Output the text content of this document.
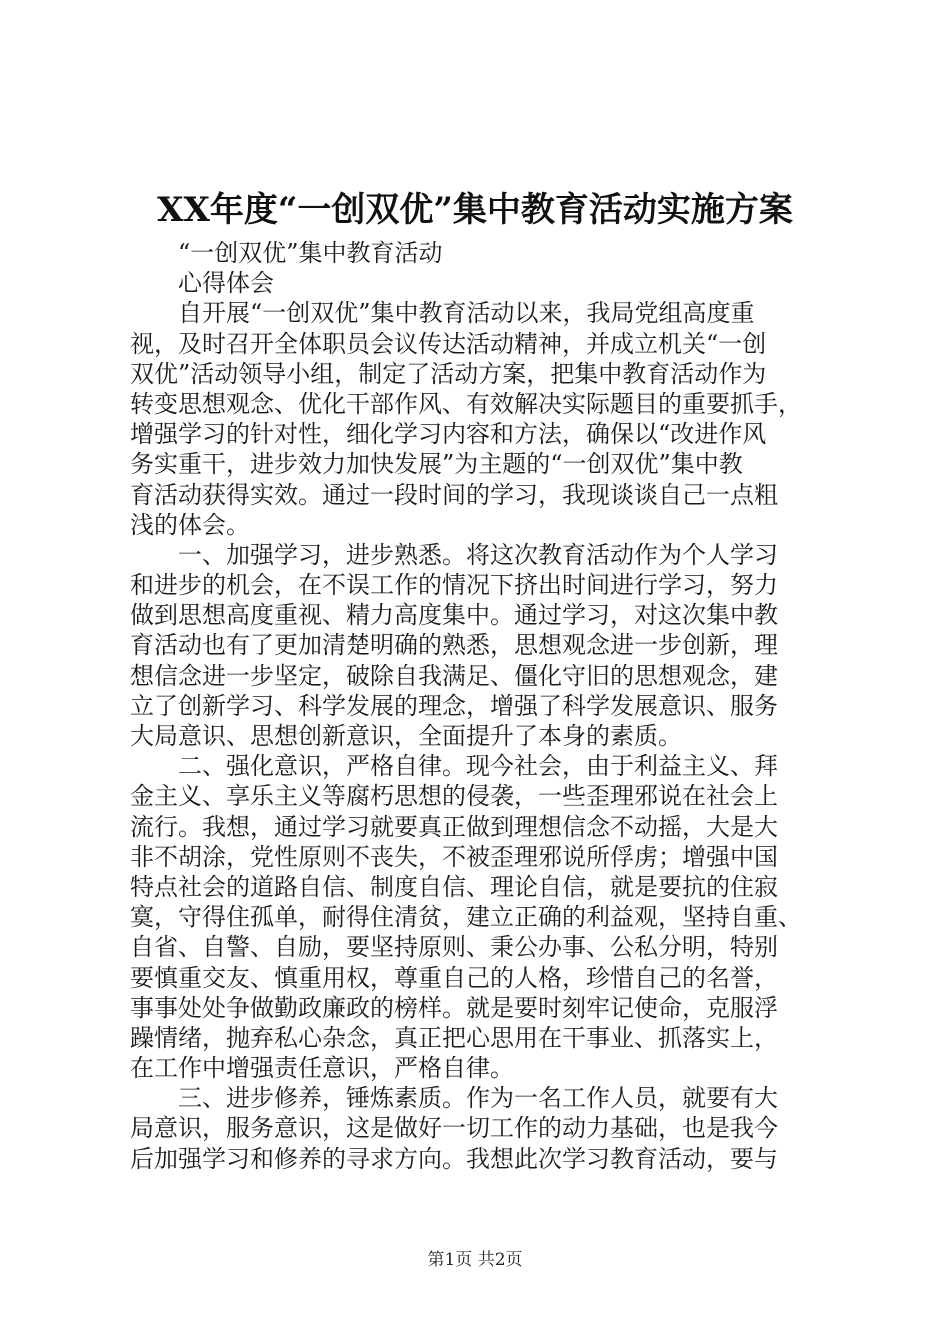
XX年度“一创双优”集中教育活动实施方案

　　“一创双优”集中教育活动

　　心得体会

　　自开展“一创双优”集中教育活动以来，我局党组高度重

视，及时召开全体职员会议传达活动精神，并成立机关“一创

双优”活动领导小组，制定了活动方案，把集中教育活动作为

转变思想观念、优化干部作风、有效解决实际题目的重要抓手，

增强学习的针对性，细化学习内容和方法，确保以“改进作风

务实重干，进步效力加快发展”为主题的“一创双优”集中教

育活动获得实效。通过一段时间的学习，我现谈谈自己一点粗

浅的体会。

　　一、加强学习，进步熟悉。将这次教育活动作为个人学习

和进步的机会，在不误工作的情况下挤出时间进行学习，努力

做到思想高度重视、精力高度集中。通过学习，对这次集中教

育活动也有了更加清楚明确的熟悉，思想观念进一步创新，理

想信念进一步坚定，破除自我满足、僵化守旧的思想观念，建

立了创新学习、科学发展的理念，增强了科学发展意识、服务

大局意识、思想创新意识，全面提升了本身的素质。

　　二、强化意识，严格自律。现今社会，由于利益主义、拜

金主义、享乐主义等腐朽思想的侵袭，一些歪理邪说在社会上

流行。我想，通过学习就要真正做到理想信念不动摇，大是大

非不胡涂，党性原则不丧失，不被歪理邪说所俘虏；增强中国

特点社会的道路自信、制度自信、理论自信，就是要抗的住寂

寞，守得住孤单，耐得住清贫，建立正确的利益观，坚持自重、

自省、自警、自励，要坚持原则、秉公办事、公私分明，特别

要慎重交友、慎重用权，尊重自己的人格，珍惜自己的名誉，

事事处处争做勤政廉政的榜样。就是要时刻牢记使命，克服浮

躁情绪，抛弃私心杂念，真正把心思用在干事业、抓落实上，

在工作中增强责任意识，严格自律。

　　三、进步修养，锤炼素质。作为一名工作人员，就要有大

局意识，服务意识，这是做好一切工作的动力基础，也是我今

后加强学习和修养的寻求方向。我想此次学习教育活动，要与

第1页 共2页
